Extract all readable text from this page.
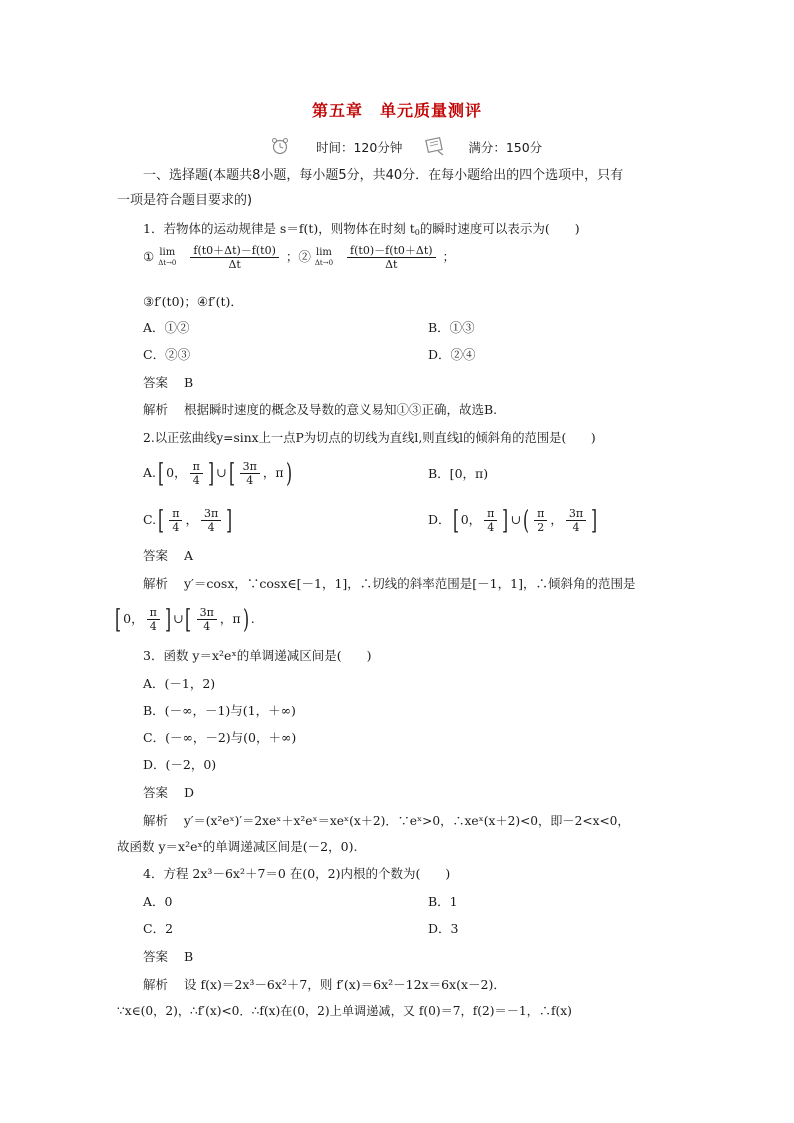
第五章　单元质量测评
时间：120分钟	满分：150分
一、选择题(本题共8小题，每小题5分，共40分．在每小题给出的四个选项中，只有
一项是符合题目要求的)
1．若物体的运动规律是 s＝f(t)，则物体在时刻 $t_0$的瞬时速度可以表示为(　　)
① lim
Δt→0
$\frac{f(t0+\Delta t)-f(t0)}{\Delta t}$ ；② lim
Δt→0
$\frac{f(t0)-f(t0+\Delta t)}{\Delta t}$ ；
③f′(t0)；④f′(t)．
A．①②	B．①③
C．②③	D．②④
答案 B
解析 根据瞬时速度的概念及导数的意义易知①③正确，故选B.
2.以正弦曲线y=sinx上一点P为切点的切线为直线l,则直线l的倾斜角的范围是(　　)
A.[ 0， $\frac{\pi}{4}$ ] ∪[ $\frac{3\pi}{4}$ ，π)	B．[0，π)
$C.[ \frac{\pi}{4}$ ， $\frac{3\pi}{4}$ ]	D．[ 0， $\frac{\pi}{4}$ ] ∪( $\frac{\pi}{2}$ ， $\frac{3\pi}{4}$ ]
答案 A
解析 y′＝cosx，∵cosx∈[－1，1]，∴切线的斜率范围是[－1，1]，∴倾斜角的范围是
[ 0， $\frac{\pi}{4}$ ] ∪[ $\frac{3\pi}{4}$ ，π) .
3．函数 y＝x²eˣ的单调递减区间是(　　)
A．(－1，2)
B．(－∞，－1)与(1，＋∞)
C．(－∞，－2)与(0，＋∞)
D．(－2，0)
答案 D
解析 y′＝(x²eˣ)′＝2xeˣ＋x²eˣ＝xeˣ(x＋2)．∵eˣ>0，∴xeˣ(x＋2)<0，即－2<x<0，
故函数 y＝x²eˣ的单调递减区间是(－2，0).
4．方程 2x³－6x²＋7＝0 在(0，2)内根的个数为(　　)
A．0	B．1
C．2	D．3
答案 B
解析 设 f(x)＝2x³－6x²＋7，则 f′(x)＝6x²－12x＝6x(x－2)．
∵x∈(0，2)，∴f′(x)<0．∴f(x)在(0，2)上单调递减，又 f(0)＝7，f(2)＝－1，∴f(x)
